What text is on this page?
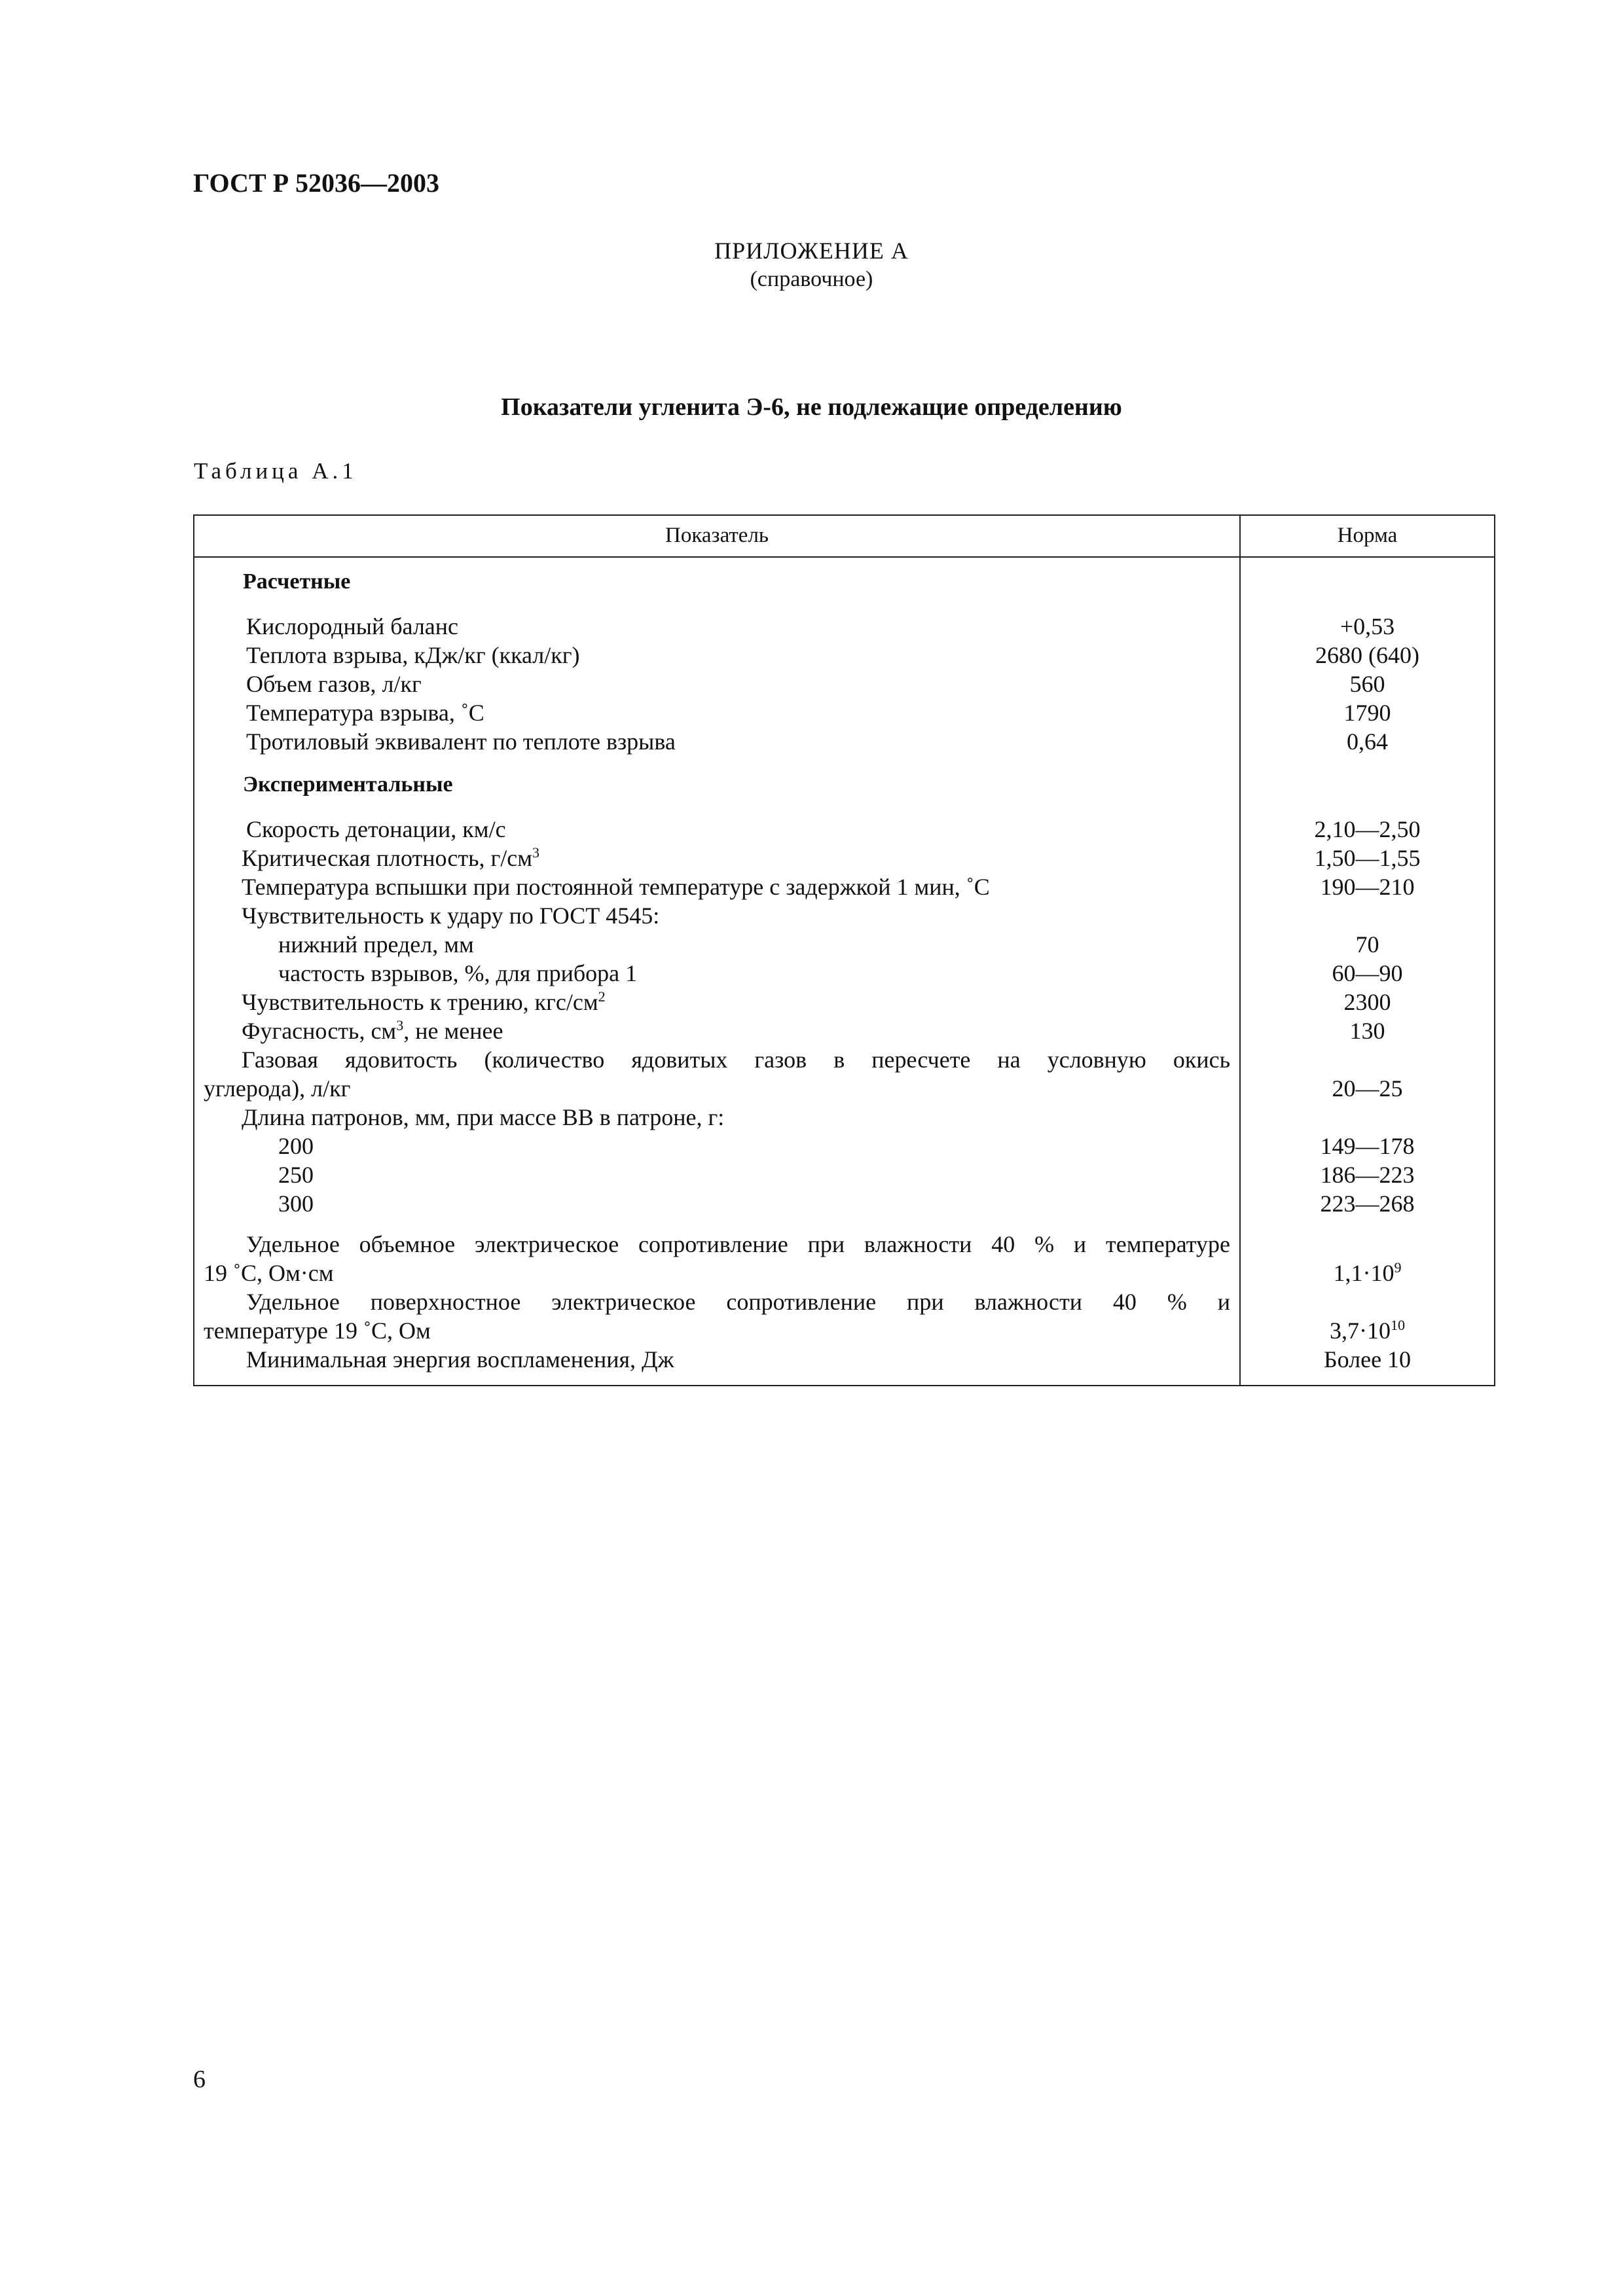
ГОСТ Р 52036—2003
ПРИЛОЖЕНИЕ А
(справочное)
Показатели угленита Э-6, не подлежащие определению
Таблица А.1
Показатель	Норма
Расчетные
Кислородный баланс	+0,53
Теплота взрыва, кДж/кг (ккал/кг)	2680 (640)
Объем газов, л/кг	560
Температура взрыва, ˚С	1790
Тротиловый эквивалент по теплоте взрыва	0,64
Экспериментальные
Скорость детонации, км/с	2,10—2,50
Критическая плотность, $г/см^3$	1,50—1,55
Температура вспышки при постоянной температуре с задержкой 1 мин, ˚С	190—210
Чувствительность к удару по ГОСТ 4545:
нижний предел, мм	70
частость взрывов, %, для прибора 1	60—90
Чувствительность к трению, кгс/$см^2$	2300
Фугасность, $см^3$, не менее	130
Газовая ядовитость (количество ядовитых газов в пересчете на условную окись
углерода), л/кг	20—25
Длина патронов, мм, при массе ВВ в патроне, г:
200	149—178
250	186—223
300	223—268
Удельное объемное электрическое сопротивление при влажности 40 % и температуре
19 ˚С, Ом·см	$1,1\cdot 10^9$
Удельное поверхностное электрическое сопротивление при влажности 40 % и
температуре 19 ˚С, Ом	$3,7\cdot 10^{10}$
Минимальная энергия воспламенения, Дж	Более 10
6
